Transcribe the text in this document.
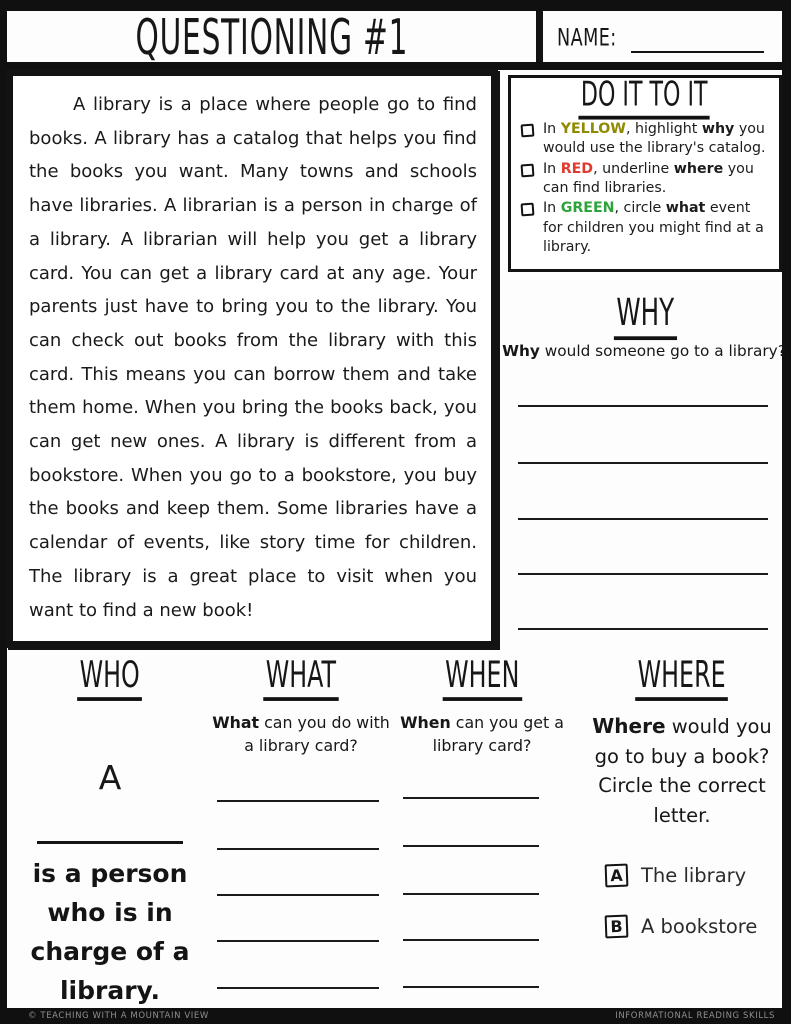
QUESTIONING #1	NAME:
A library is a place where people go to find books. A library has a catalog that helps you find the books you want. Many towns and schools have libraries. A librarian is a person in charge of a library. A librarian will help you get a library card. You can get a library card at any age. Your parents just have to bring you to the library. You can check out books from the library with this card. This means you can borrow them and take them home. When you bring the books back, you can get new ones. A library is different from a bookstore. When you go to a bookstore, you buy the books and keep them. Some libraries have a calendar of events, like story time for children. The library is a great place to visit when you want to find a new book!
DO IT TO IT
In YELLOW, highlight why you would use the library's catalog.
In RED, underline where you can find libraries.
In GREEN, circle what event for children you might find at a library.
WHY
Why would someone go to a library?
WHO
A
is a person who is in charge of a library.
WHAT
What can you do with a library card?
WHEN
When can you get a library card?
WHERE
Where would you go to buy a book? Circle the correct letter.
A The library
B A bookstore
© TEACHING WITH A MOUNTAIN VIEW	INFORMATIONAL READING SKILLS
